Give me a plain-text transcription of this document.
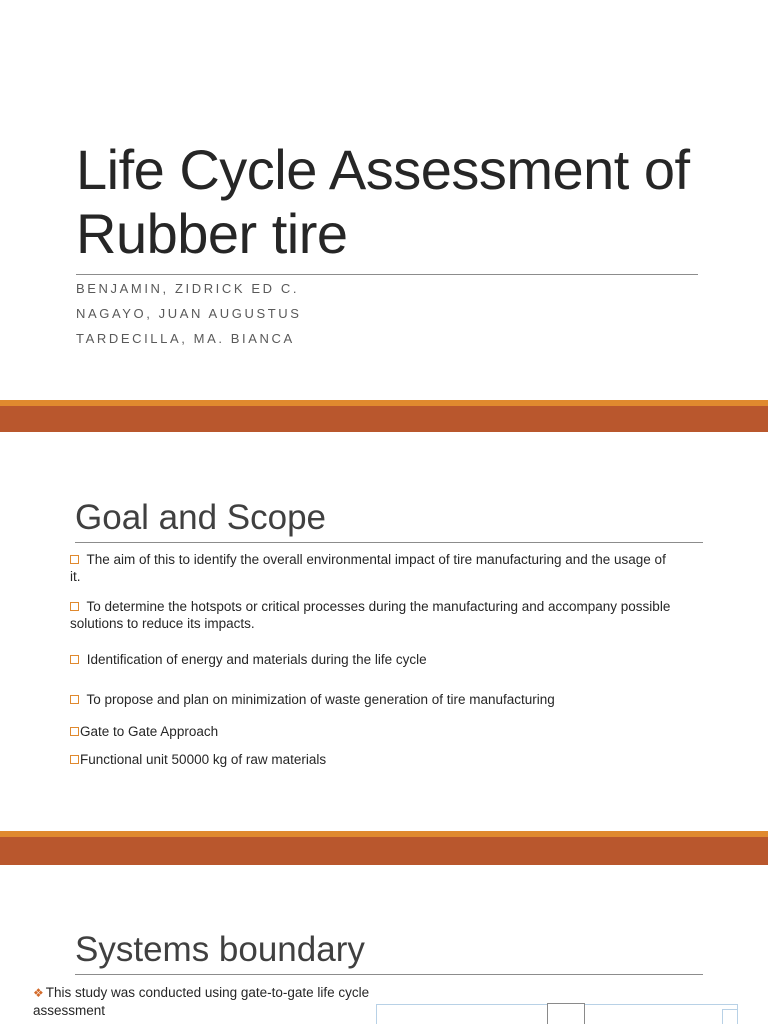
Life Cycle Assessment of
Rubber tire
BENJAMIN, ZIDRICK ED C.
NAGAYO, JUAN AUGUSTUS
TARDECILLA, MA. BIANCA
Goal and Scope
The aim of this to identify the overall environmental impact of tire manufacturing and the usage of it.
To determine the hotspots or critical processes during the manufacturing and accompany possible solutions to reduce its impacts.
Identification of energy and materials during the life cycle
To propose and plan on minimization of waste generation of tire manufacturing
Gate to Gate Approach
Functional unit 50000 kg of raw materials
Systems boundary
❖ This study was conducted using gate-to-gate life cycle assessment
